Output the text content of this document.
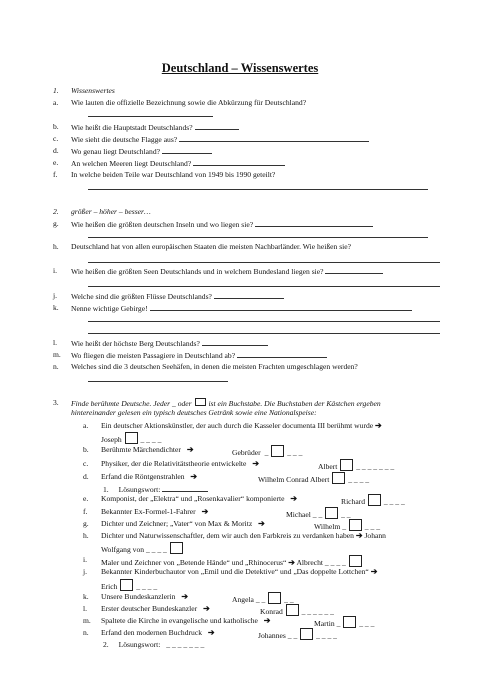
Deutschland – Wissenswertes
1. Wissenswertes
a. Wie lauten die offizielle Bezeichnung sowie die Abkürzung für Deutschland?
b. Wie heißt die Hauptstadt Deutschlands?
c. Wie sieht die deutsche Flagge aus?
d. Wo genau liegt Deutschland?
e. An welchen Meeren liegt Deutschland?
f. In welche beiden Teile war Deutschland von 1949 bis 1990 geteilt?
2. größer – höher – besser…
g. Wie heißen die größten deutschen Inseln und wo liegen sie?
h. Deutschland hat von allen europäischen Staaten die meisten Nachbarländer. Wie heißen sie?
i. Wie heißen die größten Seen Deutschlands und in welchem Bundesland liegen sie?
j. Welche sind die größten Flüsse Deutschlands?
k. Nenne wichtige Gebirge!
l. Wie heißt der höchste Berg Deutschlands?
m. Wo fliegen die meisten Passagiere in Deutschland ab?
n. Welches sind die 3 deutschen Seehäfen, in denen die meisten Frachten umgeschlagen werden?
3. Finde berühmte Deutsche. Jeder _ oder ist ein Buchstabe. Die Buchstaben der Kästchen ergeben
hintereinander gelesen ein typisch deutsches Getränk sowie eine Nationalspeise:
a. Ein deutscher Aktionskünstler, der auch durch die Kasseler documenta III berühmt wurde ➔
Joseph _ _ _ _
b. Berühmte Märchendichter ➔	Gebrüder _ _ _ _
c. Physiker, der die Relativitätstheorie entwickelte ➔	Albert _ _ _ _ _ _ _
d. Erfand die Röntgenstrahlen ➔	Wilhelm Conrad Albert _ _ _ _
1. Lösungswort:
e. Komponist, der „Elektra“ und „Rosenkavalier“ komponierte ➔	Richard _ _ _ _
f. Bekannter Ex-Formel-1-Fahrer ➔	Michael _ _ _ _
g. Dichter und Zeichner; „Vater“ von Max & Moritz ➔	Wilhelm _ _ _ _
h. Dichter und Naturwissenschaftler, dem wir auch den Farbkreis zu verdanken haben ➔ Johann
Wolfgang von _ _ _ _
i. Maler und Zeichner von „Betende Hände“ und „Rhinocerus“ ➔ Albrecht _ _ _ _
j. Bekannter Kinderbuchautor von „Emil und die Detektive“ und „Das doppelte Lottchen“ ➔
Erich _ _ _ _
k. Unsere Bundeskanzlerin ➔	Angela _ _ _ _
l. Erster deutscher Bundeskanzler ➔	Konrad _ _ _ _ _ _
m. Spaltete die Kirche in evangelische und katholische ➔	Martin _ _ _ _
n. Erfand den modernen Buchdruck ➔	Johannes _ _ _ _ _ _
2. Lösungswort: _ _ _ _ _ _ _
